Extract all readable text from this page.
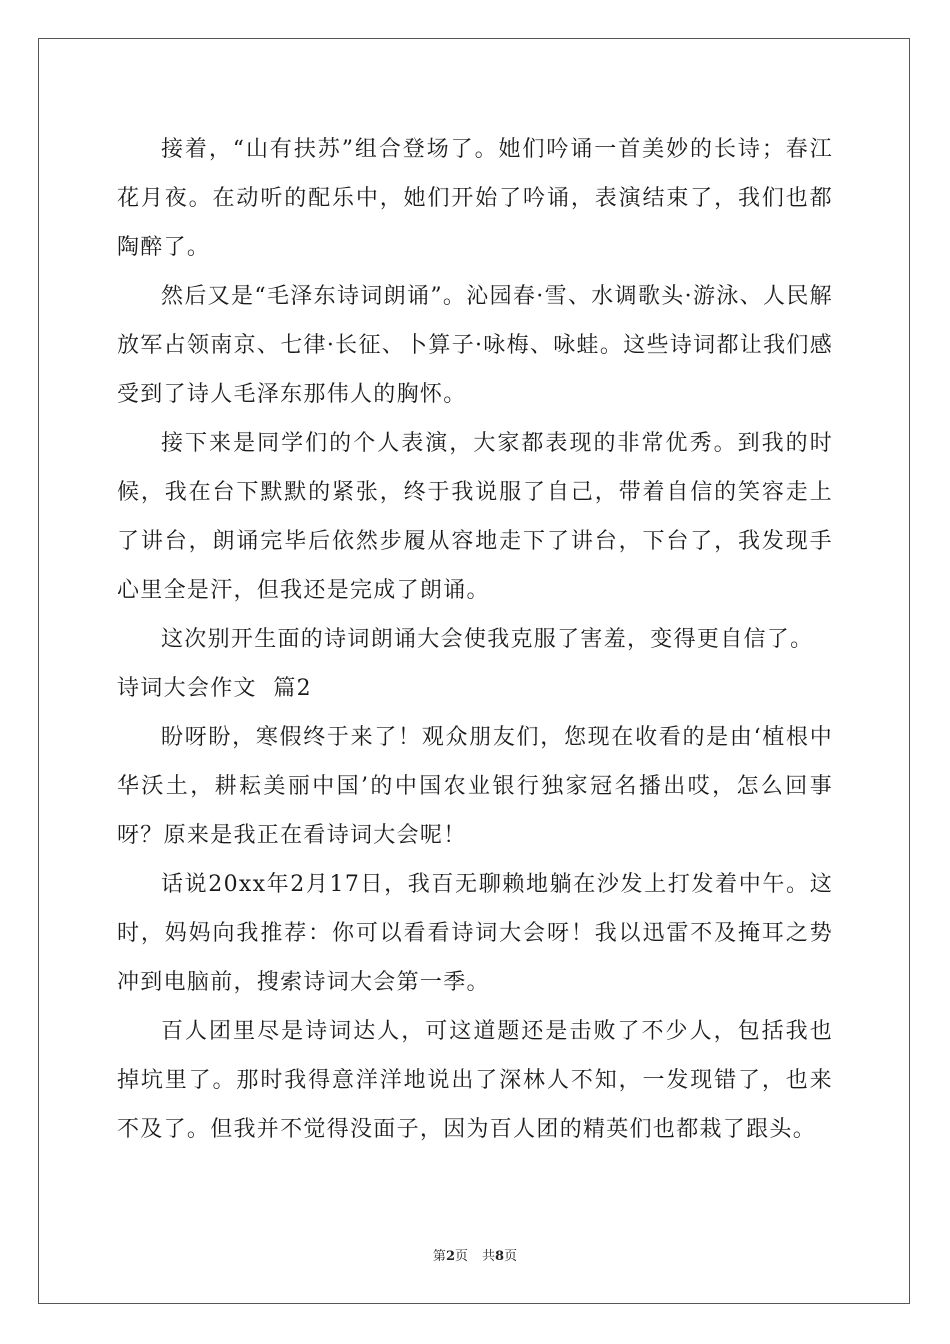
接着，“山有扶苏”组合登场了。她们吟诵一首美妙的长诗；春江花月夜。在动听的配乐中，她们开始了吟诵，表演结束了，我们也都陶醉了。

然后又是“毛泽东诗词朗诵”。沁园春·雪、水调歌头·游泳、人民解放军占领南京、七律·长征、卜算子·咏梅、咏蛙。这些诗词都让我们感受到了诗人毛泽东那伟人的胸怀。

接下来是同学们的个人表演，大家都表现的非常优秀。到我的时候，我在台下默默的紧张，终于我说服了自己，带着自信的笑容走上了讲台，朗诵完毕后依然步履从容地走下了讲台，下台了，我发现手心里全是汗，但我还是完成了朗诵。

这次别开生面的诗词朗诵大会使我克服了害羞，变得更自信了。

诗词大会作文  篇2

盼呀盼，寒假终于来了！观众朋友们，您现在收看的是由‘植根中华沃土，耕耘美丽中国’的中国农业银行独家冠名播出哎，怎么回事呀？原来是我正在看诗词大会呢！

话说20xx年2月17日，我百无聊赖地躺在沙发上打发着中午。这时，妈妈向我推荐：你可以看看诗词大会呀！我以迅雷不及掩耳之势冲到电脑前，搜索诗词大会第一季。

百人团里尽是诗词达人，可这道题还是击败了不少人，包括我也掉坑里了。那时我得意洋洋地说出了深林人不知，一发现错了，也来不及了。但我并不觉得没面子，因为百人团的精英们也都栽了跟头。

第2页 共8页
